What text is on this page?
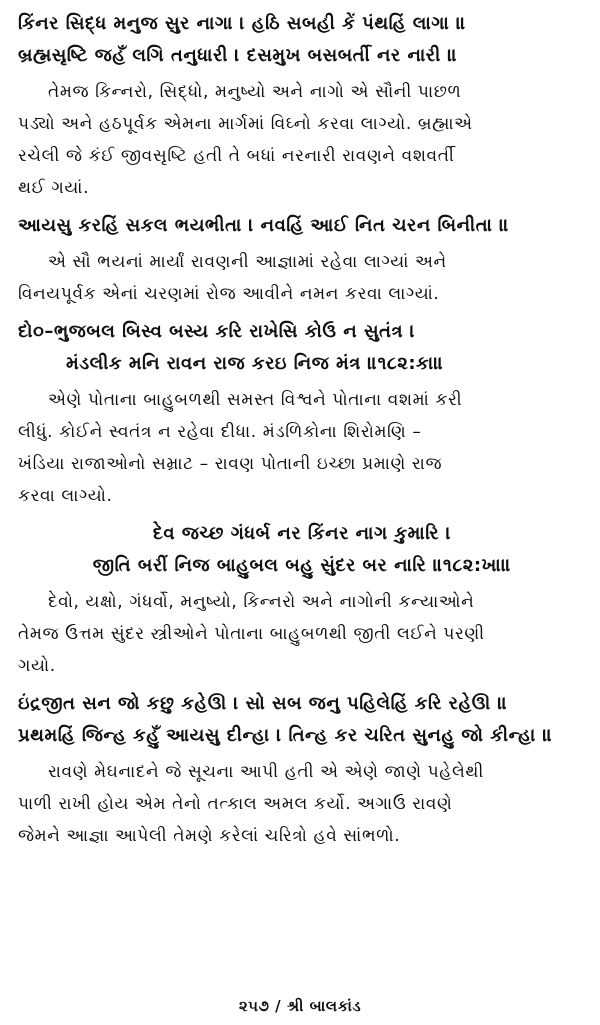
કિંનર સિદ્ધ મનુજ સુર નાગા । હઠિ સબહી કેં પંથહિં લાગા ॥
બ્રહ્મસૃષ્ટિ જહઁ લગિ તનુધારી । દસમુખ બસબર્તી નર નારી ॥
તેમજ કિન્નરો, સિદ્ધો, મનુષ્યો અને નાગો એ સૌની પાછળ
પડ્યો અને હઠપૂર્વક એમના માર્ગમાં વિઘ્નો કરવા લાગ્યો. બ્રહ્માએ
રચેલી જે કંઈ જીવસૃષ્ટિ હતી તે બધાં નરનારી રાવણને વશવર્તી
થઈ ગયાં.
આયસુ કરહિં સકલ ભયભીતા । નવહિં આઈ નિત ચરન બિનીતા ॥
એ સૌ ભયનાં માર્યાં રાવણની આજ્ઞામાં રહેવા લાગ્યાં અને
વિનયપૂર્વક એનાં ચરણમાં રોજ આવીને નમન કરવા લાગ્યાં.
દો૦–ભુજબલ બિસ્વ બસ્ય કરિ રાખેસિ કોઉ ન સુતંત્ર ।
મંડલીક મનિ રાવન રાજ કરઇ નિજ મંત્ર ॥૧૮૨:કા॥
એણે પોતાના બાહુબળથી સમસ્ત વિશ્વને પોતાના વશમાં કરી
લીધું. કોઈને સ્વતંત્ર ન રહેવા દીધા. મંડળિકોના શિરોમણિ –
ખંડિયા રાજાઓનો સમ્રાટ – રાવણ પોતાની ઇચ્છા પ્રમાણે રાજ
કરવા લાગ્યો.
દેવ જચ્છ ગંધર્બ નર કિંનર નાગ કુમારિ ।
જીતિ બરીં નિજ બાહુબલ બહુ સુંદર બર નારિ ॥૧૮૨:ખા॥
દેવો, યક્ષો, ગંધર્વો, મનુષ્યો, કિન્નરો અને નાગોની કન્યાઓને
તેમજ ઉત્તમ સુંદર સ્ત્રીઓને પોતાના બાહુબળથી જીતી લઈને પરણી
ગયો.
ઇંદ્રજીત સન જો કછુ કહેઊ । સો સબ જનુ પહિલેહિં કરિ રહેઊ ॥
પ્રથમહિં જિન્હ કહુઁ આયસુ દીન્હા । તિન્હ કર ચરિત સુનહુ જો કીન્હા ॥
રાવણે મેઘનાદને જે સૂચના આપી હતી એ એણે જાણે પહેલેથી
પાળી રાખી હોય એમ તેનો તત્કાલ અમલ કર્યો. અગાઉ રાવણે
જેમને આજ્ઞા આપેલી તેમણે કરેલાં ચરિત્રો હવે સાંભળો.
૨૫૭ / શ્રી બાલકાંડ
